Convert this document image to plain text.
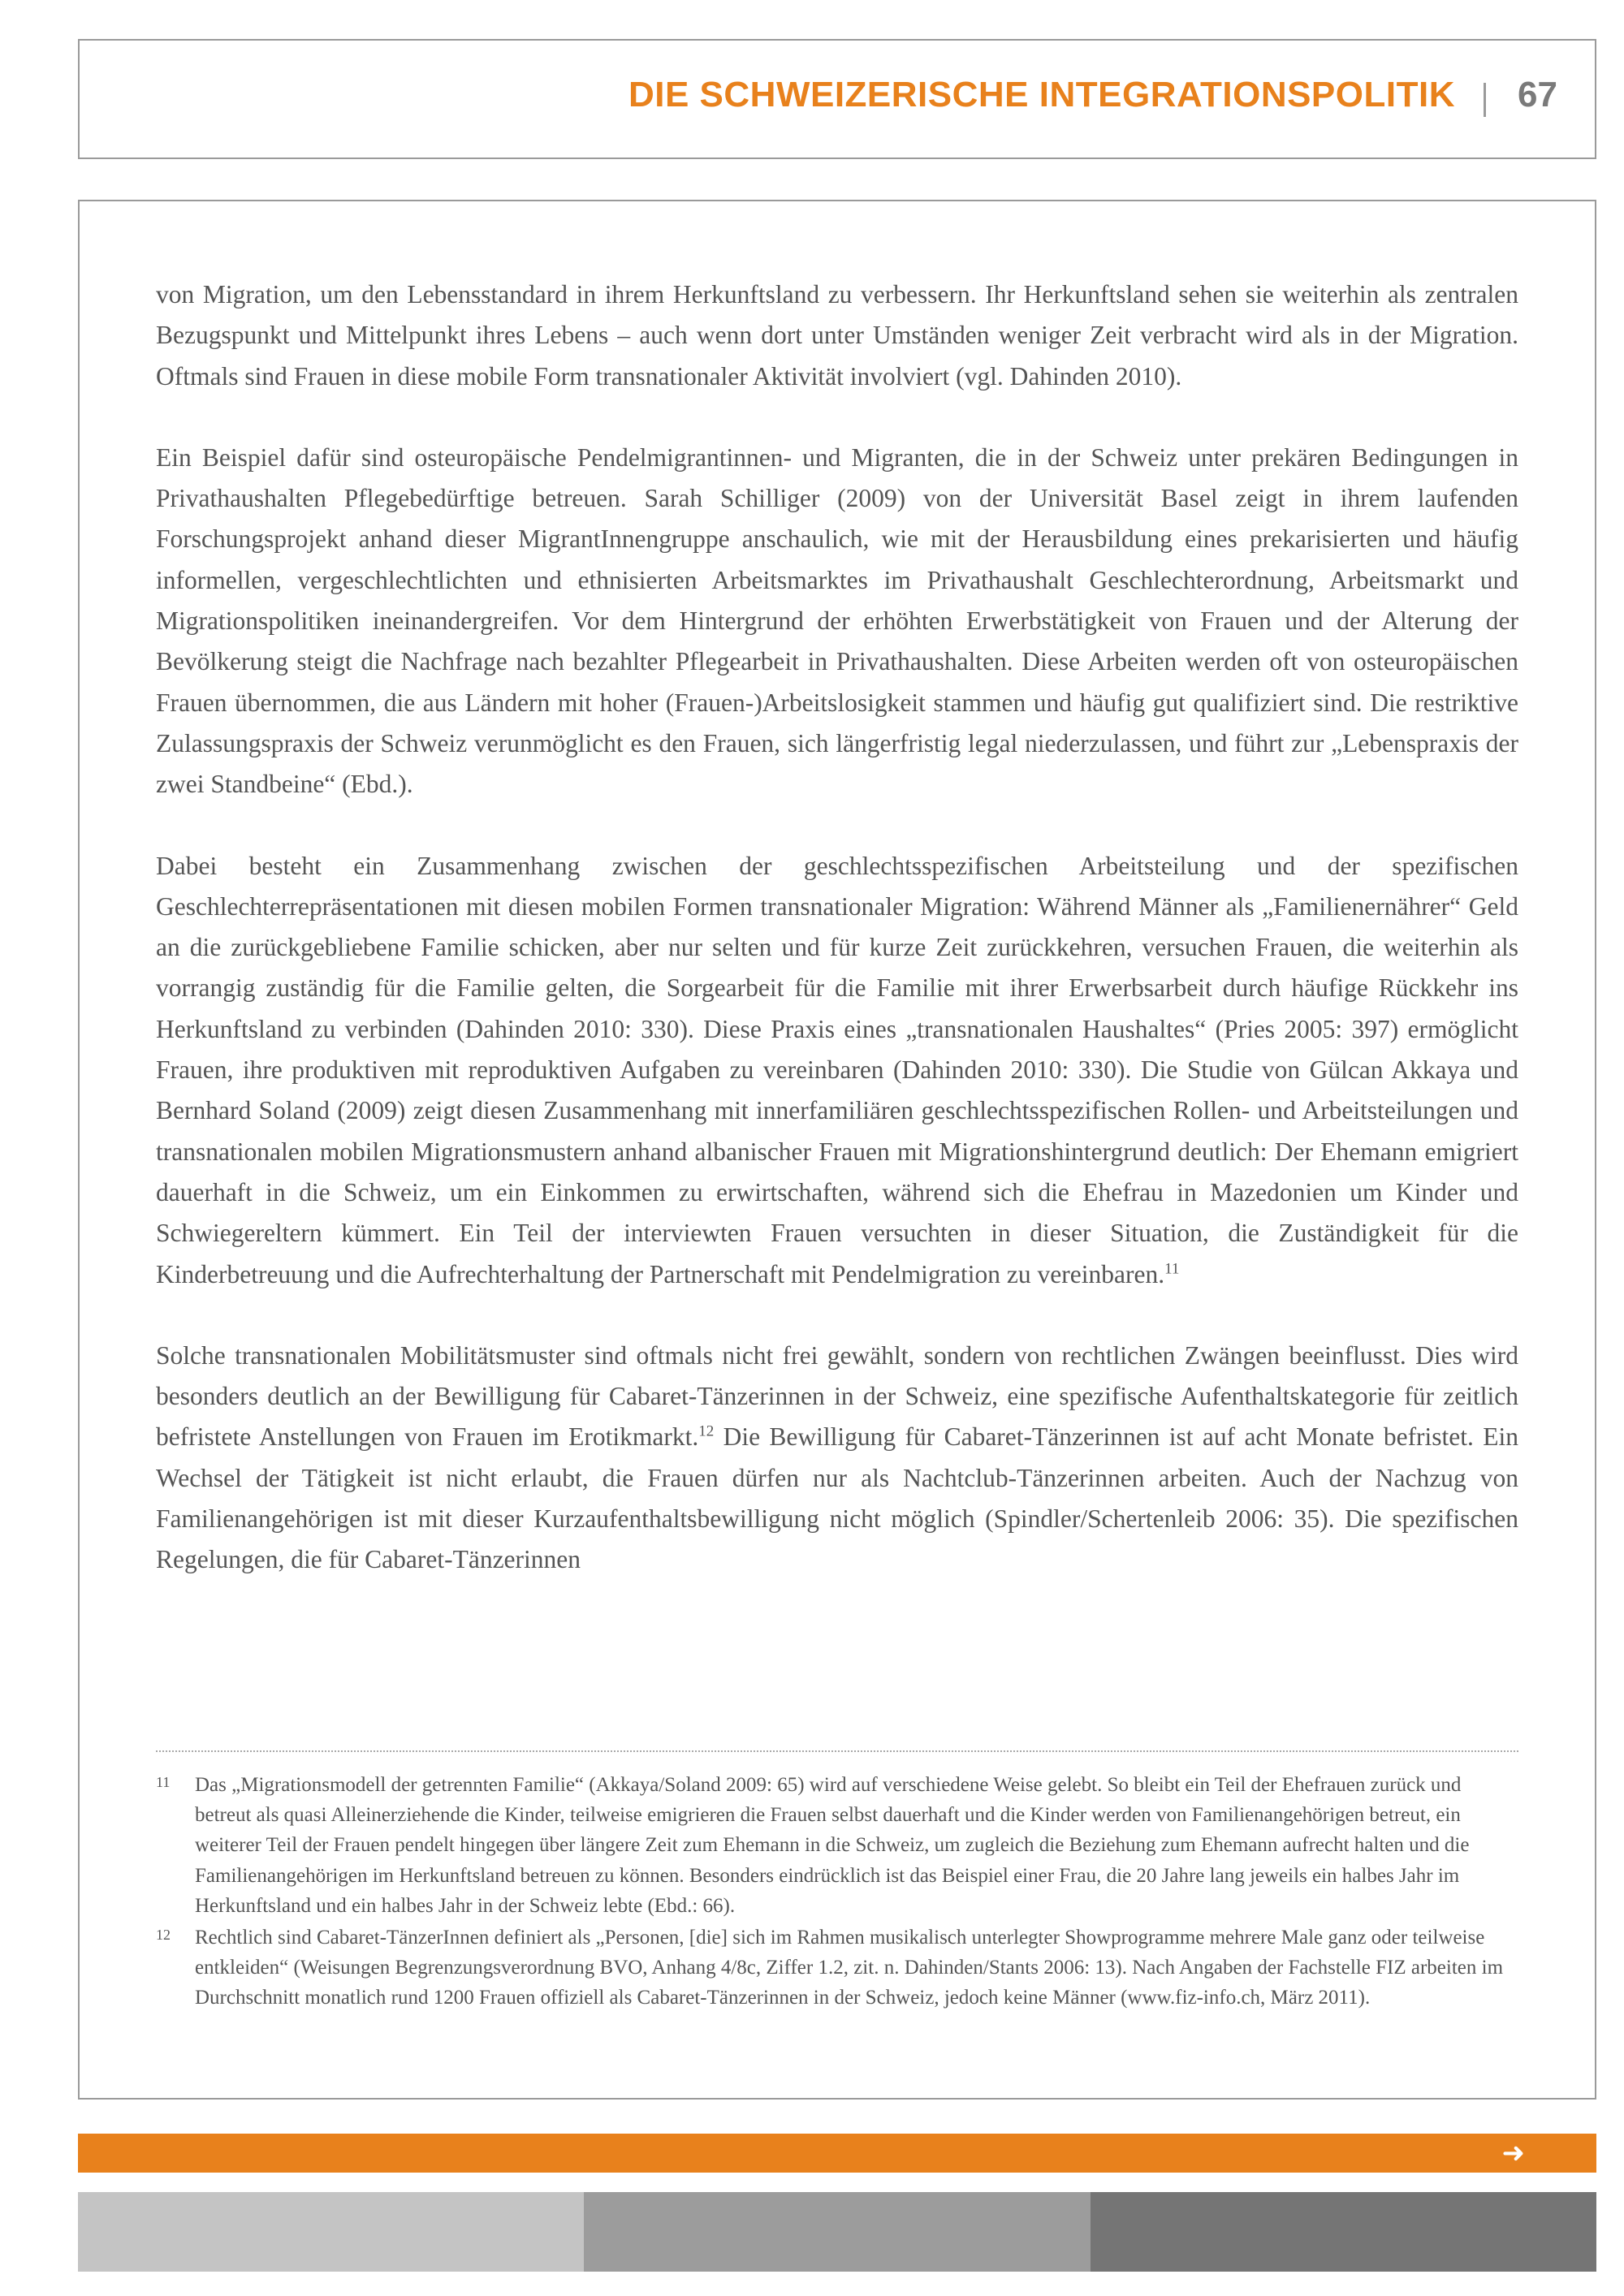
DIE SCHWEIZERISCHE INTEGRATIONSPOLITIK 67

von Migration, um den Lebensstandard in ihrem Herkunftsland zu verbessern. Ihr Herkunftsland sehen sie weiterhin als zentralen Bezugspunkt und Mittelpunkt ihres Lebens – auch wenn dort unter Umständen weniger Zeit verbracht wird als in der Migration. Oftmals sind Frauen in diese mobile Form transnationaler Aktivität involviert (vgl. Dahinden 2010).

Ein Beispiel dafür sind osteuropäische Pendelmigrantinnen- und Migranten, die in der Schweiz unter prekären Bedingungen in Privathaushalten Pflegebedürftige betreuen. Sarah Schilliger (2009) von der Universität Basel zeigt in ihrem laufenden Forschungsprojekt anhand dieser MigrantInnengruppe anschaulich, wie mit der Herausbildung eines prekarisierten und häufig informellen, vergeschlechtlichten und ethnisierten Arbeitsmarktes im Privathaushalt Geschlechterordnung, Arbeitsmarkt und Migrationspolitiken ineinandergreifen. Vor dem Hintergrund der erhöhten Erwerbstätigkeit von Frauen und der Alterung der Bevölkerung steigt die Nachfrage nach bezahlter Pflegearbeit in Privathaushalten. Diese Arbeiten werden oft von osteuropäischen Frauen übernommen, die aus Ländern mit hoher (Frauen-)Arbeitslosigkeit stammen und häufig gut qualifiziert sind. Die restriktive Zulassungspraxis der Schweiz verunmöglicht es den Frauen, sich längerfristig legal niederzulassen, und führt zur „Lebenspraxis der zwei Standbeine“ (Ebd.).

Dabei besteht ein Zusammenhang zwischen der geschlechtsspezifischen Arbeitsteilung und der spezifischen Geschlechterrepräsentationen mit diesen mobilen Formen transnationaler Migration: Während Männer als „Familienernährer“ Geld an die zurückgebliebene Familie schicken, aber nur selten und für kurze Zeit zurückkehren, versuchen Frauen, die weiterhin als vorrangig zuständig für die Familie gelten, die Sorgearbeit für die Familie mit ihrer Erwerbsarbeit durch häufige Rückkehr ins Herkunftsland zu verbinden (Dahinden 2010: 330). Diese Praxis eines „transnationalen Haushaltes“ (Pries 2005: 397) ermöglicht Frauen, ihre produktiven mit reproduktiven Aufgaben zu vereinbaren (Dahinden 2010: 330). Die Studie von Gülcan Akkaya und Bernhard Soland (2009) zeigt diesen Zusammenhang mit innerfamiliären geschlechtsspezifischen Rollen- und Arbeitsteilungen und transnationalen mobilen Migrationsmustern anhand albanischer Frauen mit Migrationshintergrund deutlich: Der Ehemann emigriert dauerhaft in die Schweiz, um ein Einkommen zu erwirtschaften, während sich die Ehefrau in Mazedonien um Kinder und Schwiegereltern kümmert. Ein Teil der interviewten Frauen versuchten in dieser Situation, die Zuständigkeit für die Kinderbetreuung und die Aufrechterhaltung der Partnerschaft mit Pendelmigration zu vereinbaren.$^{11}$

Solche transnationalen Mobilitätsmuster sind oftmals nicht frei gewählt, sondern von rechtlichen Zwängen beeinflusst. Dies wird besonders deutlich an der Bewilligung für Cabaret-Tänzerinnen in der Schweiz, eine spezifische Aufenthaltskategorie für zeitlich befristete Anstellungen von Frauen im Erotikmarkt.$^{12}$ Die Bewilligung für Cabaret-Tänzerinnen ist auf acht Monate befristet. Ein Wechsel der Tätigkeit ist nicht erlaubt, die Frauen dürfen nur als Nachtclub-Tänzerinnen arbeiten. Auch der Nachzug von Familienangehörigen ist mit dieser Kurzaufenthaltsbewilligung nicht möglich (Spindler/Schertenleib 2006: 35). Die spezifischen Regelungen, die für Cabaret-Tänzerinnen

11	Das „Migrationsmodell der getrennten Familie“ (Akkaya/Soland 2009: 65) wird auf verschiedene Weise gelebt. So bleibt ein Teil der Ehefrauen zurück und betreut als quasi Alleinerziehende die Kinder, teilweise emigrieren die Frauen selbst dauerhaft und die Kinder werden von Familienangehörigen betreut, ein weiterer Teil der Frauen pendelt hingegen über längere Zeit zum Ehemann in die Schweiz, um zugleich die Beziehung zum Ehemann aufrecht halten und die Familienangehörigen im Herkunftsland betreuen zu können. Besonders eindrücklich ist das Beispiel einer Frau, die 20 Jahre lang jeweils ein halbes Jahr im Herkunftsland und ein halbes Jahr in der Schweiz lebte (Ebd.: 66).
12	Rechtlich sind Cabaret-TänzerInnen definiert als „Personen, [die] sich im Rahmen musikalisch unterlegter Showprogramme mehrere Male ganz oder teilweise entkleiden“ (Weisungen Begrenzungsverordnung BVO, Anhang 4/8c, Ziffer 1.2, zit. n. Dahinden/Stants 2006: 13). Nach Angaben der Fachstelle FIZ arbeiten im Durchschnitt monatlich rund 1200 Frauen offiziell als Cabaret-Tänzerinnen in der Schweiz, jedoch keine Männer (www.fiz-info.ch, März 2011).
➜
